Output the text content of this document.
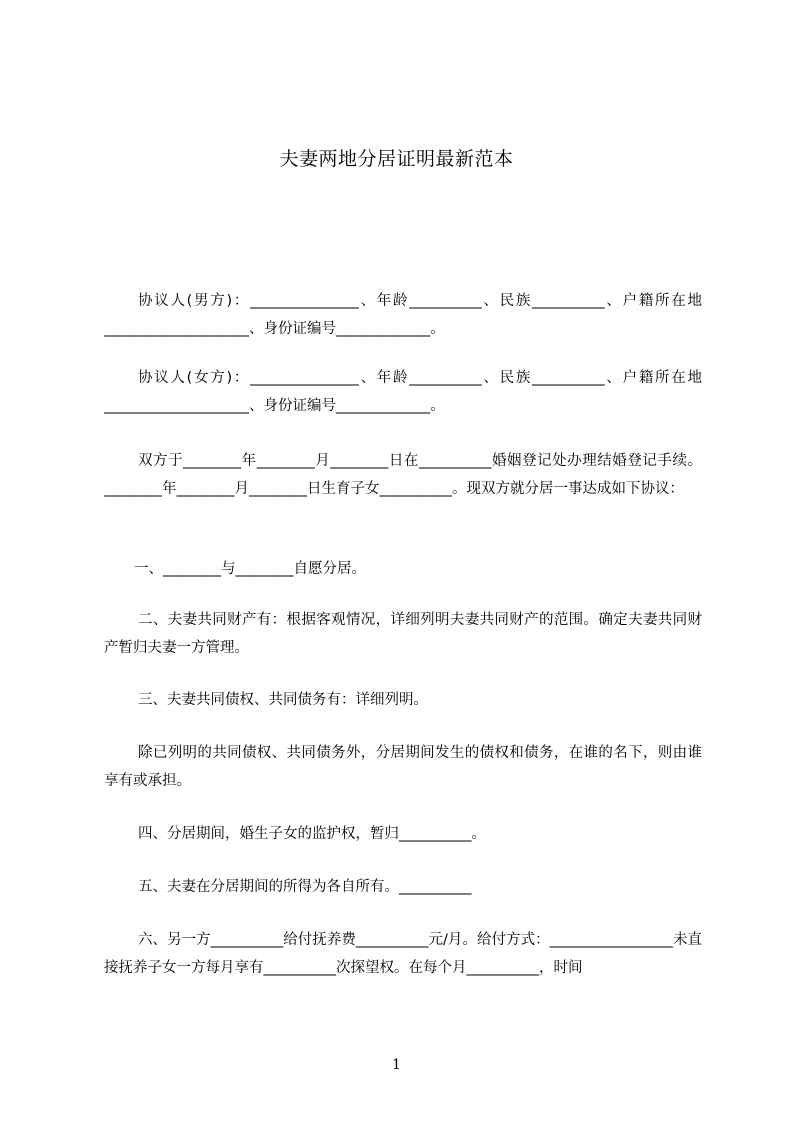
夫妻两地分居证明最新范本

协议人(男方)：_______________、年龄__________、民族__________、户籍所在地____________________、身份证编号_____________。

协议人(女方)：_______________、年龄__________、民族__________、户籍所在地____________________、身份证编号_____________。

双方于________年________月________日在__________婚姻登记处办理结婚登记手续。________年________月________日生育子女__________。现双方就分居一事达成如下协议：

一、________与________自愿分居。

二、夫妻共同财产有：根据客观情况，详细列明夫妻共同财产的范围。确定夫妻共同财产暂归夫妻一方管理。

三、夫妻共同债权、共同债务有：详细列明。

除已列明的共同债权、共同债务外，分居期间发生的债权和债务，在谁的名下，则由谁享有或承担。

四、分居期间，婚生子女的监护权，暂归__________。

五、夫妻在分居期间的所得为各自所有。__________

六、另一方__________给付抚养费__________元/月。给付方式：_________________未直接抚养子女一方每月享有__________次探望权。在每个月__________，时间

1
